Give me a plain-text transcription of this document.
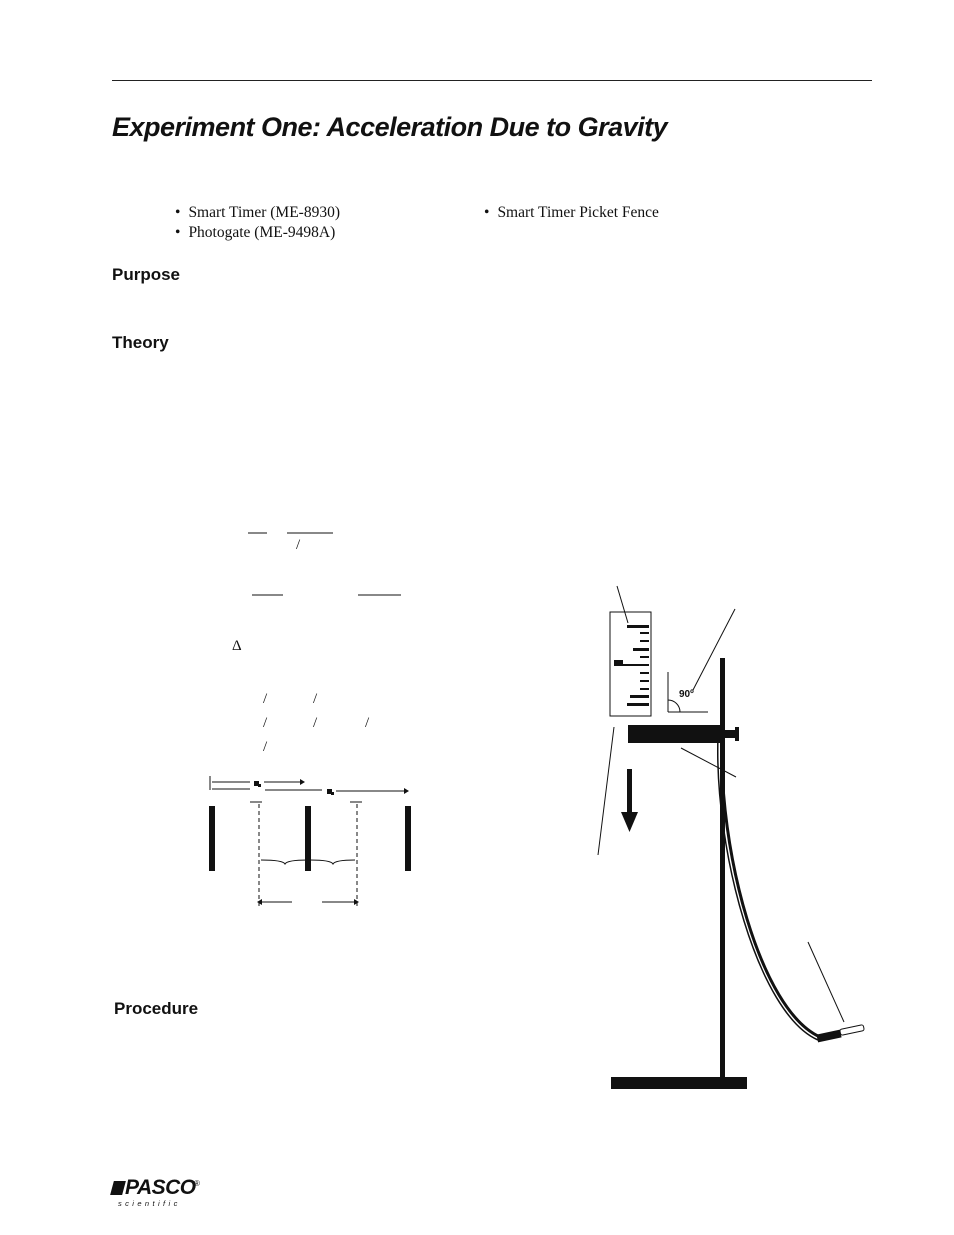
Experiment One: Acceleration Due to Gravity
• Smart Timer (ME-8930)
• Photogate (ME-9498A)
• Smart Timer Picket Fence
Purpose
Theory
Procedure
/
Δ
/	/
/	/	/
/
90º
PASCO
scientific
®
